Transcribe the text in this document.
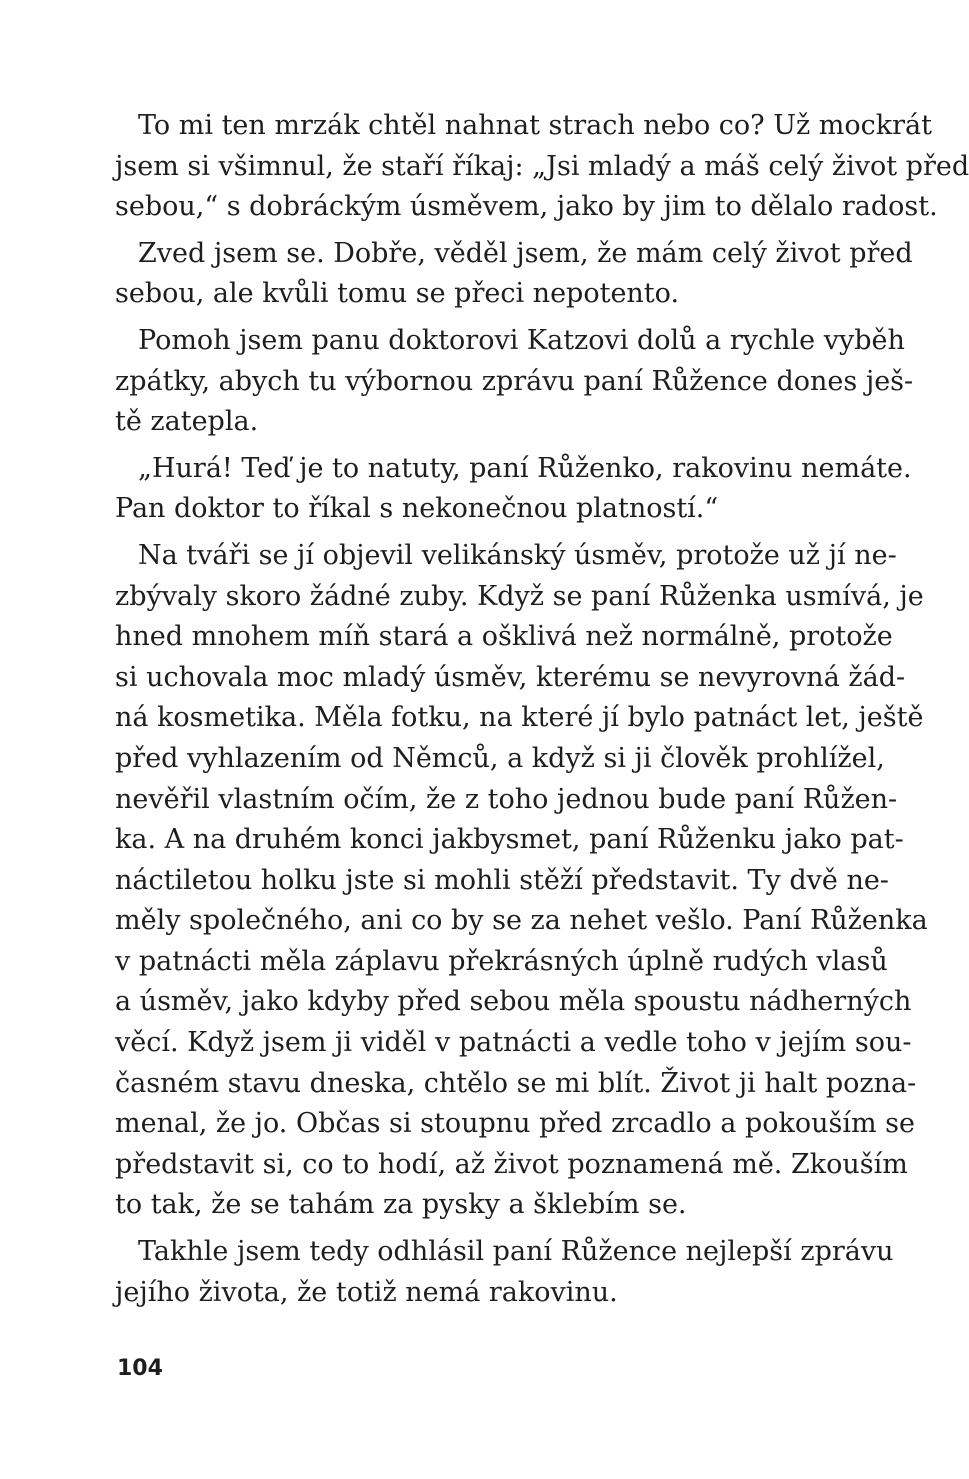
To mi ten mrzák chtěl nahnat strach nebo co? Už mockrát
jsem si všimnul, že staří říkaj: „Jsi mladý a máš celý život před
sebou,“ s dobráckým úsměvem, jako by jim to dělalo radost.

Zved jsem se. Dobře, věděl jsem, že mám celý život před
sebou, ale kvůli tomu se přeci nepotento.

Pomoh jsem panu doktorovi Katzovi dolů a rychle vyběh
zpátky, abych tu výbornou zprávu paní Růžence dones ješ-
tě zatepla.

„Hurá! Teď je to natuty, paní Růženko, rakovinu nemáte.
Pan doktor to říkal s nekonečnou platností.“

Na tváři se jí objevil velikánský úsměv, protože už jí ne-
zbývaly skoro žádné zuby. Když se paní Růženka usmívá, je
hned mnohem míň stará a ošklivá než normálně, protože
si uchovala moc mladý úsměv, kterému se nevyrovná žád-
ná kosmetika. Měla fotku, na které jí bylo patnáct let, ještě
před vyhlazením od Němců, a když si ji člověk prohlížel,
nevěřil vlastním očím, že z toho jednou bude paní Růžen-
ka. A na druhém konci jakbysmet, paní Růženku jako pat-
náctiletou holku jste si mohli stěží představit. Ty dvě ne-
měly společného, ani co by se za nehet vešlo. Paní Růženka
v patnácti měla záplavu překrásných úplně rudých vlasů
a úsměv, jako kdyby před sebou měla spoustu nádherných
věcí. Když jsem ji viděl v patnácti a vedle toho v jejím sou-
časném stavu dneska, chtělo se mi blít. Život ji halt pozna-
menal, že jo. Občas si stoupnu před zrcadlo a pokouším se
představit si, co to hodí, až život poznamená mě. Zkouším
to tak, že se tahám za pysky a šklebím se.

Takhle jsem tedy odhlásil paní Růžence nejlepší zprávu
jejího života, že totiž nemá rakovinu.

104
